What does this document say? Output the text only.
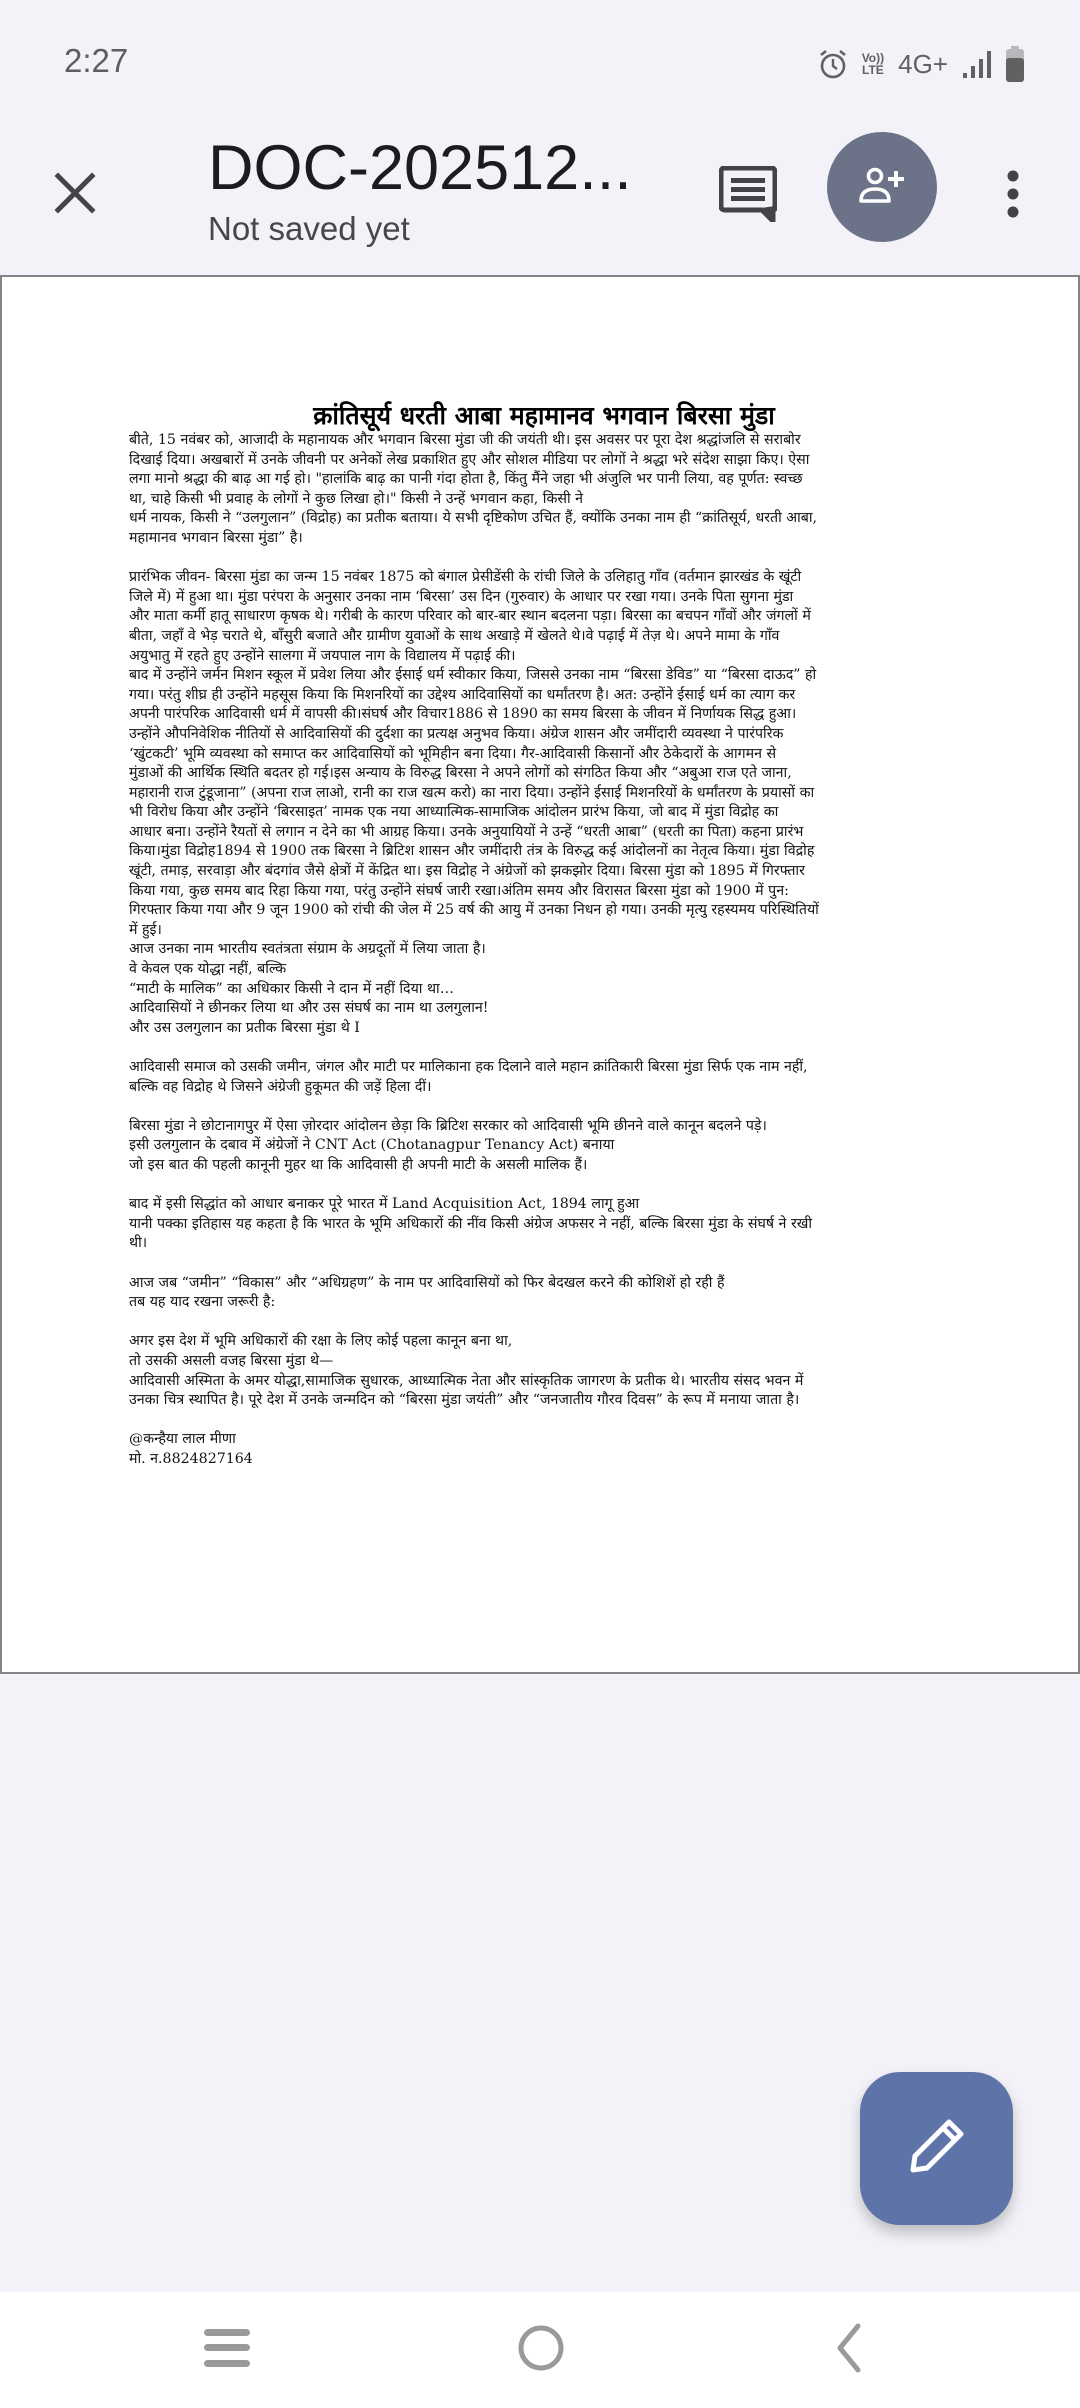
2:27	Vo))
LTE 4G+
DOC-202512...
Not saved yet
क्रांतिसूर्य धरती आबा महामानव भगवान बिरसा मुंडा
बीते, 15 नवंबर को, आजादी के महानायक और भगवान बिरसा मुंडा जी की जयंती थी। इस अवसर पर पूरा देश श्रद्धांजलि से सराबोर
दिखाई दिया। अखबारों में उनके जीवनी पर अनेकों लेख प्रकाशित हुए और सोशल मीडिया पर लोगों ने श्रद्धा भरे संदेश साझा किए। ऐसा
लगा मानो श्रद्धा की बाढ़ आ गई हो। "हालांकि बाढ़ का पानी गंदा होता है, किंतु मैंने जहा भी अंजुलि भर पानी लिया, वह पूर्णत: स्वच्छ
था, चाहे किसी भी प्रवाह के लोगों ने कुछ लिखा हो।" किसी ने उन्हें भगवान कहा, किसी ने
धर्म नायक, किसी ने “उलगुलान” (विद्रोह) का प्रतीक बताया। ये सभी दृष्टिकोण उचित हैं, क्योंकि उनका नाम ही “क्रांतिसूर्य, धरती आबा,
महामानव भगवान बिरसा मुंडा” है।
प्रारंभिक जीवन- बिरसा मुंडा का जन्म 15 नवंबर 1875 को बंगाल प्रेसीडेंसी के रांची जिले के उलिहातु गाँव (वर्तमान झारखंड के खूंटी
जिले में) में हुआ था। मुंडा परंपरा के अनुसार उनका नाम ‘बिरसा’ उस दिन (गुरुवार) के आधार पर रखा गया। उनके पिता सुगना मुंडा
और माता कर्मी हातू साधारण कृषक थे। गरीबी के कारण परिवार को बार-बार स्थान बदलना पड़ा। बिरसा का बचपन गाँवों और जंगलों में
बीता, जहाँ वे भेड़ चराते थे, बाँसुरी बजाते और ग्रामीण युवाओं के साथ अखाड़े में खेलते थे।वे पढ़ाई में तेज़ थे। अपने मामा के गाँव
अयुभातु में रहते हुए उन्होंने सालगा में जयपाल नाग के विद्यालय में पढ़ाई की।
बाद में उन्होंने जर्मन मिशन स्कूल में प्रवेश लिया और ईसाई धर्म स्वीकार किया, जिससे उनका नाम “बिरसा डेविड” या “बिरसा दाऊद” हो
गया। परंतु शीघ्र ही उन्होंने महसूस किया कि मिशनरियों का उद्देश्य आदिवासियों का धर्मांतरण है। अत: उन्होंने ईसाई धर्म का त्याग कर
अपनी पारंपरिक आदिवासी धर्म में वापसी की।संघर्ष और विचार1886 से 1890 का समय बिरसा के जीवन में निर्णायक सिद्ध हुआ।
उन्होंने औपनिवेशिक नीतियों से आदिवासियों की दुर्दशा का प्रत्यक्ष अनुभव किया। अंग्रेज शासन और जमींदारी व्यवस्था ने पारंपरिक
‘खुंटकटी’ भूमि व्यवस्था को समाप्त कर आदिवासियों को भूमिहीन बना दिया। गैर-आदिवासी किसानों और ठेकेदारों के आगमन से
मुंडाओं की आर्थिक स्थिति बदतर हो गई।इस अन्याय के विरुद्ध बिरसा ने अपने लोगों को संगठित किया और “अबुआ राज एते जाना,
महारानी राज टुंडूजाना” (अपना राज लाओ, रानी का राज खत्म करो) का नारा दिया। उन्होंने ईसाई मिशनरियों के धर्मांतरण के प्रयासों का
भी विरोध किया और उन्होंने ‘बिरसाइत’ नामक एक नया आध्यात्मिक-सामाजिक आंदोलन प्रारंभ किया, जो बाद में मुंडा विद्रोह का
आधार बना। उन्होंने रैयतों से लगान न देने का भी आग्रह किया। उनके अनुयायियों ने उन्हें “धरती आबा” (धरती का पिता) कहना प्रारंभ
किया।मुंडा विद्रोह1894 से 1900 तक बिरसा ने ब्रिटिश शासन और जमींदारी तंत्र के विरुद्ध कई आंदोलनों का नेतृत्व किया। मुंडा विद्रोह
खूंटी, तमाड़, सरवाड़ा और बंदगांव जैसे क्षेत्रों में केंद्रित था। इस विद्रोह ने अंग्रेजों को झकझोर दिया। बिरसा मुंडा को 1895 में गिरफ्तार
किया गया, कुछ समय बाद रिहा किया गया, परंतु उन्होंने संघर्ष जारी रखा।अंतिम समय और विरासत बिरसा मुंडा को 1900 में पुन:
गिरफ्तार किया गया और 9 जून 1900 को रांची की जेल में 25 वर्ष की आयु में उनका निधन हो गया। उनकी मृत्यु रहस्यमय परिस्थितियों
में हुई।
आज उनका नाम भारतीय स्वतंत्रता संग्राम के अग्रदूतों में लिया जाता है।
वे केवल एक योद्धा नहीं, बल्कि
“माटी के मालिक” का अधिकार किसी ने दान में नहीं दिया था…
आदिवासियों ने छीनकर लिया था और उस संघर्ष का नाम था उलगुलान!
और उस उलगुलान का प्रतीक बिरसा मुंडा थे I
आदिवासी समाज को उसकी जमीन, जंगल और माटी पर मालिकाना हक दिलाने वाले महान क्रांतिकारी बिरसा मुंडा सिर्फ एक नाम नहीं,
बल्कि वह विद्रोह थे जिसने अंग्रेजी हुकूमत की जड़ें हिला दीं।
बिरसा मुंडा ने छोटानागपुर में ऐसा ज़ोरदार आंदोलन छेड़ा कि ब्रिटिश सरकार को आदिवासी भूमि छीनने वाले कानून बदलने पड़े।
इसी उलगुलान के दबाव में अंग्रेजों ने CNT Act (Chotanagpur Tenancy Act) बनाया
जो इस बात की पहली कानूनी मुहर था कि आदिवासी ही अपनी माटी के असली मालिक हैं।
बाद में इसी सिद्धांत को आधार बनाकर पूरे भारत में Land Acquisition Act, 1894 लागू हुआ
यानी पक्का इतिहास यह कहता है कि भारत के भूमि अधिकारों की नींव किसी अंग्रेज अफसर ने नहीं, बल्कि बिरसा मुंडा के संघर्ष ने रखी
थी।
आज जब “जमीन” “विकास” और “अधिग्रहण” के नाम पर आदिवासियों को फिर बेदखल करने की कोशिशें हो रही हैं
तब यह याद रखना जरूरी है:
अगर इस देश में भूमि अधिकारों की रक्षा के लिए कोई पहला कानून बना था,
तो उसकी असली वजह बिरसा मुंडा थे—
आदिवासी अस्मिता के अमर योद्धा,सामाजिक सुधारक, आध्यात्मिक नेता और सांस्कृतिक जागरण के प्रतीक थे। भारतीय संसद भवन में
उनका चित्र स्थापित है। पूरे देश में उनके जन्मदिन को “बिरसा मुंडा जयंती” और “जनजातीय गौरव दिवस” के रूप में मनाया जाता है।
@कन्हैया लाल मीणा
मो. न.8824827164
